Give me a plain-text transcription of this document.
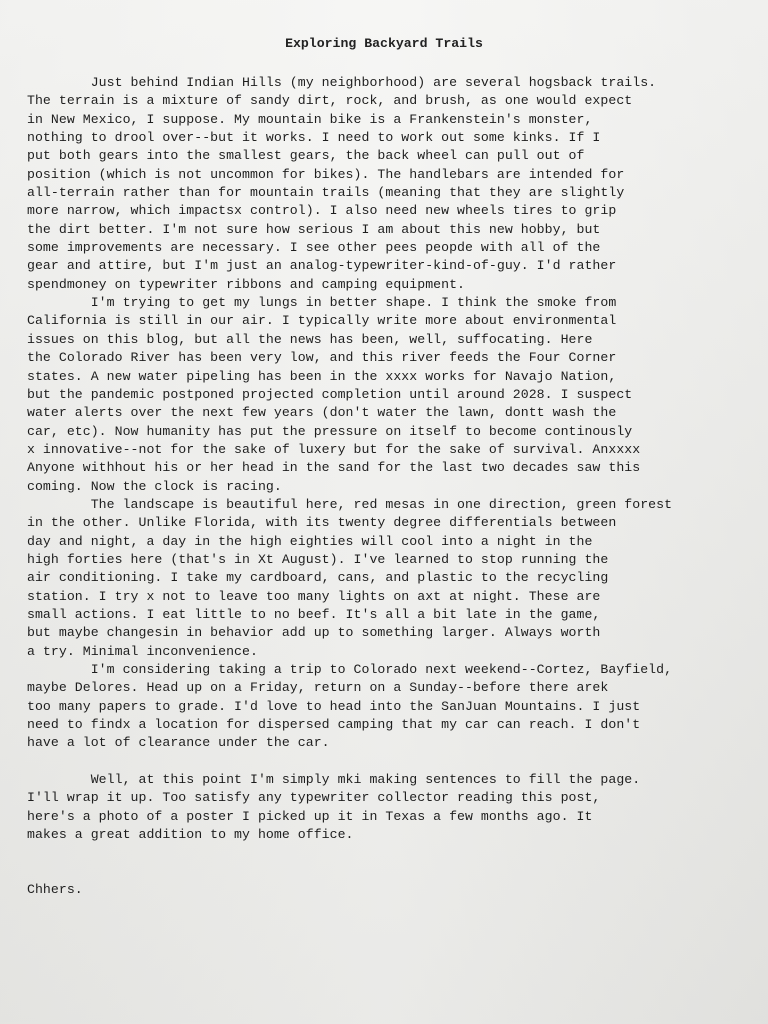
Exploring Backyard Trails
Just behind Indian Hills (my neighborhood) are several hogsback trails.
The terrain is a mixture of sandy dirt, rock, and brush, as one would expect
in New Mexico, I suppose. My mountain bike is a Frankenstein's monster,
nothing to drool over--but it works. I need to work out some kinks. If I
put both gears into the smallest gears, the back wheel can pull out of
position (which is not uncommon for bikes). The handlebars are intended for
all-terrain rather than for mountain trails (meaning that they are slightly
more narrow, which impactsx control). I also need new wheels tires to grip
the dirt better. I'm not sure how serious I am about this new hobby, but
some improvements are necessary. I see other pees peopde with all of the
gear and attire, but I'm just an analog-typewriter-kind-of-guy. I'd rather
spendmoney on typewriter ribbons and camping equipment.
I'm trying to get my lungs in better shape. I think the smoke from
California is still in our air. I typically write more about environmental
issues on this blog, but all the news has been, well, suffocating. Here
the Colorado River has been very low, and this river feeds the Four Corner
states. A new water pipeling has been in the xxxx works for Navajo Nation,
but the pandemic postponed projected completion until around 2028. I suspect
water alerts over the next few years (don't water the lawn, dontt wash the
car, etc). Now humanity has put the pressure on itself to become continously
x innovative--not for the sake of luxery but for the sake of survival. Anxxxx
Anyone withhout his or her head in the sand for the last two decades saw this
coming. Now the clock is racing.
The landscape is beautiful here, red mesas in one direction, green forest
in the other. Unlike Florida, with its twenty degree differentials between
day and night, a day in the high eighties will cool into a night in the
high forties here (that's in Xt August). I've learned to stop running the
air conditioning. I take my cardboard, cans, and plastic to the recycling
station. I try x not to leave too many lights on axt at night. These are
small actions. I eat little to no beef. It's all a bit late in the game,
but maybe changesin in behavior add up to something larger. Always worth
a try. Minimal inconvenience.
I'm considering taking a trip to Colorado next weekend--Cortez, Bayfield,
maybe Delores. Head up on a Friday, return on a Sunday--before there arek
too many papers to grade. I'd love to head into the SanJuan Mountains. I just
need to findx a location for dispersed camping that my car can reach. I don't
have a lot of clearance under the car.
Well, at this point I'm simply mki making sentences to fill the page.
I'll wrap it up. Too satisfy any typewriter collector reading this post,
here's a photo of a poster I picked up it in Texas a few months ago. It
makes a great addition to my home office.
Chhers.
